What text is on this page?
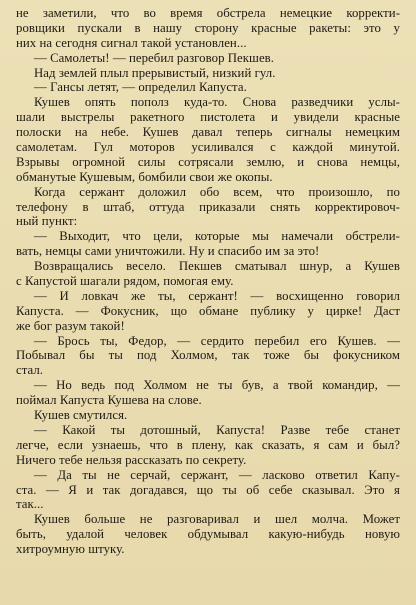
не заметили, что во время обстрела немецкие корректи-
ровщики пускали в нашу сторону красные ракеты: это у
них на сегодня сигнал такой установлен...
— Самолеты! — перебил разговор Пекшев.
Над землей плыл прерывистый, низкий гул.
— Гансы летят, — определил Капуста.
Кушев опять пополз куда-то. Снова разведчики услы-
шали выстрелы ракетного пистолета и увидели красные
полоски на небе. Кушев давал теперь сигналы немецким
самолетам. Гул моторов усиливался с каждой минутой.
Взрывы огромной силы сотрясали землю, и снова немцы,
обманутые Кушевым, бомбили свои же окопы.
Когда сержант доложил обо всем, что произошло, по
телефону в штаб, оттуда приказали снять корректировоч-
ный пункт:
— Выходит, что цели, которые мы намечали обстрели-
вать, немцы сами уничтожили. Ну и спасибо им за это!
Возвращались весело. Пекшев сматывал шнур, а Кушев
с Капустой шагали рядом, помогая ему.
— И ловкач же ты, сержант! — восхищенно говорил
Капуста. — Фокусник, що обмане публику у цирке! Даст
же бог разум такой!
— Брось ты, Федор, — сердито перебил его Кушев. —
Побывал бы ты под Холмом, так тоже бы фокусником
стал.
— Но ведь под Холмом не ты був, а твой командир, —
поймал Капуста Кушева на слове.
Кушев смутился.
— Какой ты дотошный, Капуста! Разве тебе станет
легче, если узнаешь, что в плену, как сказать, я сам и был?
Ничего тебе нельзя рассказать по секрету.
— Да ты не серчай, сержант, — ласково ответил Капу-
ста. — Я и так догадався, що ты об себе сказывал. Это я
так...
Кушев больше не разговаривал и шел молча. Может
быть, удалой человек обдумывал какую-нибудь новую
хитроумную штуку.
